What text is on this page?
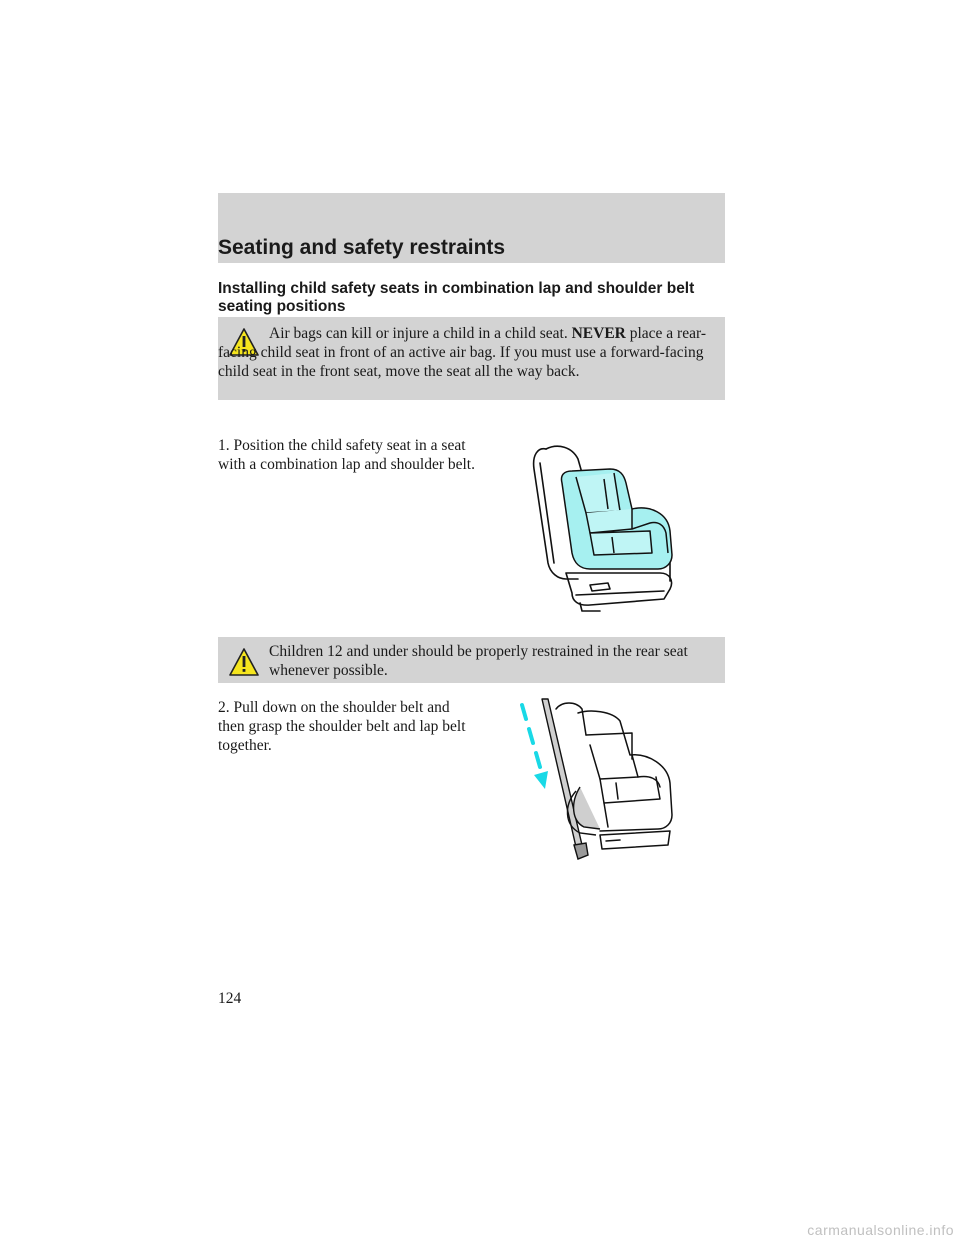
Seating and safety restraints

Installing child safety seats in combination lap and shoulder belt seating positions

Air bags can kill or injure a child in a child seat. NEVER place a rear-facing child seat in front of an active air bag. If you must use a forward-facing child seat in the front seat, move the seat all the way back.

1. Position the child safety seat in a seat with a combination lap and shoulder belt.

Children 12 and under should be properly restrained in the rear seat whenever possible.

2. Pull down on the shoulder belt and then grasp the shoulder belt and lap belt together.

124

carmanualsonline.info
